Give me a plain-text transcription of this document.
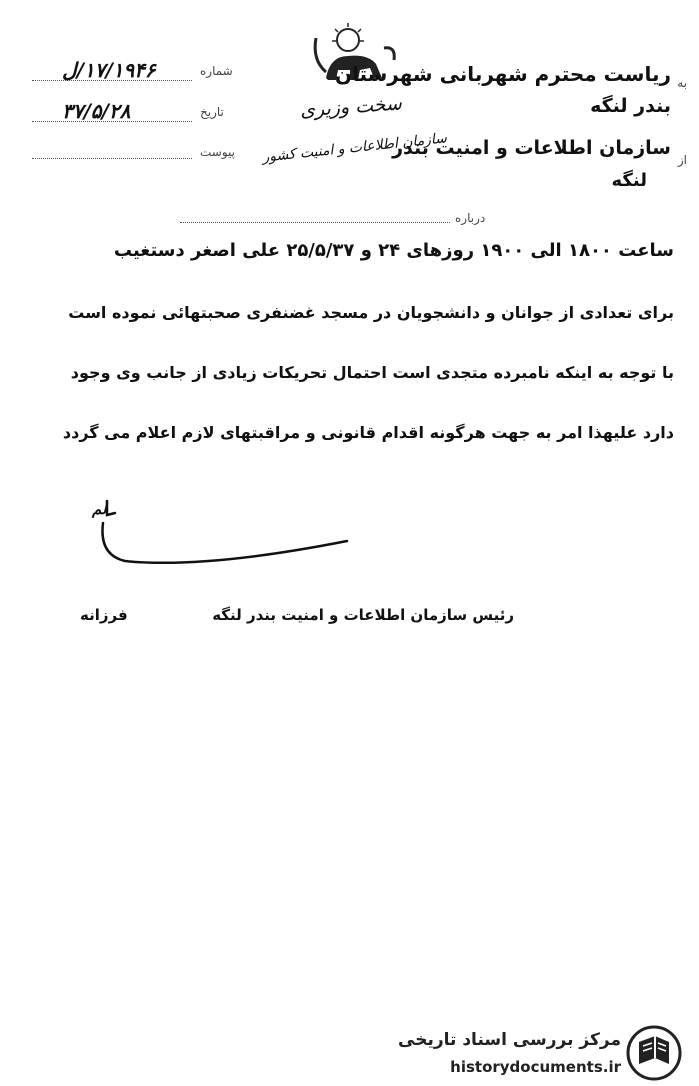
شماره
۱۷/۱۹۴۶/ل
تاریخ
۳۷/۵/۲۸
پیوست
به
ریاست محترم شهربانی شهرستان
بندر لنگه
از
سازمان اطلاعات و امنیت بندر
لنگه
سخت وزیری
سازمان اطلاعات و امنیت کشور
درباره
ساعت ۱۸۰۰ الی ۱۹۰۰ روزهای ۲۴ و ۲۵/۵/۳۷ علی اصغر دستغیب
برای تعدادی از جوانان و دانشجویان در مسجد غضنفری صحبتهائی نموده است
با توجه به اینکه نامبرده متجدی است احتمال تحریکات زیادی از جانب وی وجود
دارد علیهذا امر به جهت هرگونه اقدام قانونی و مراقبتهای لازم اعلام می گردد
لم
رئیس سازمان اطلاعات و امنیت بندر لنگه
فرزانه
مرکز بررسی اسناد تاریخی
historydocuments.ir
